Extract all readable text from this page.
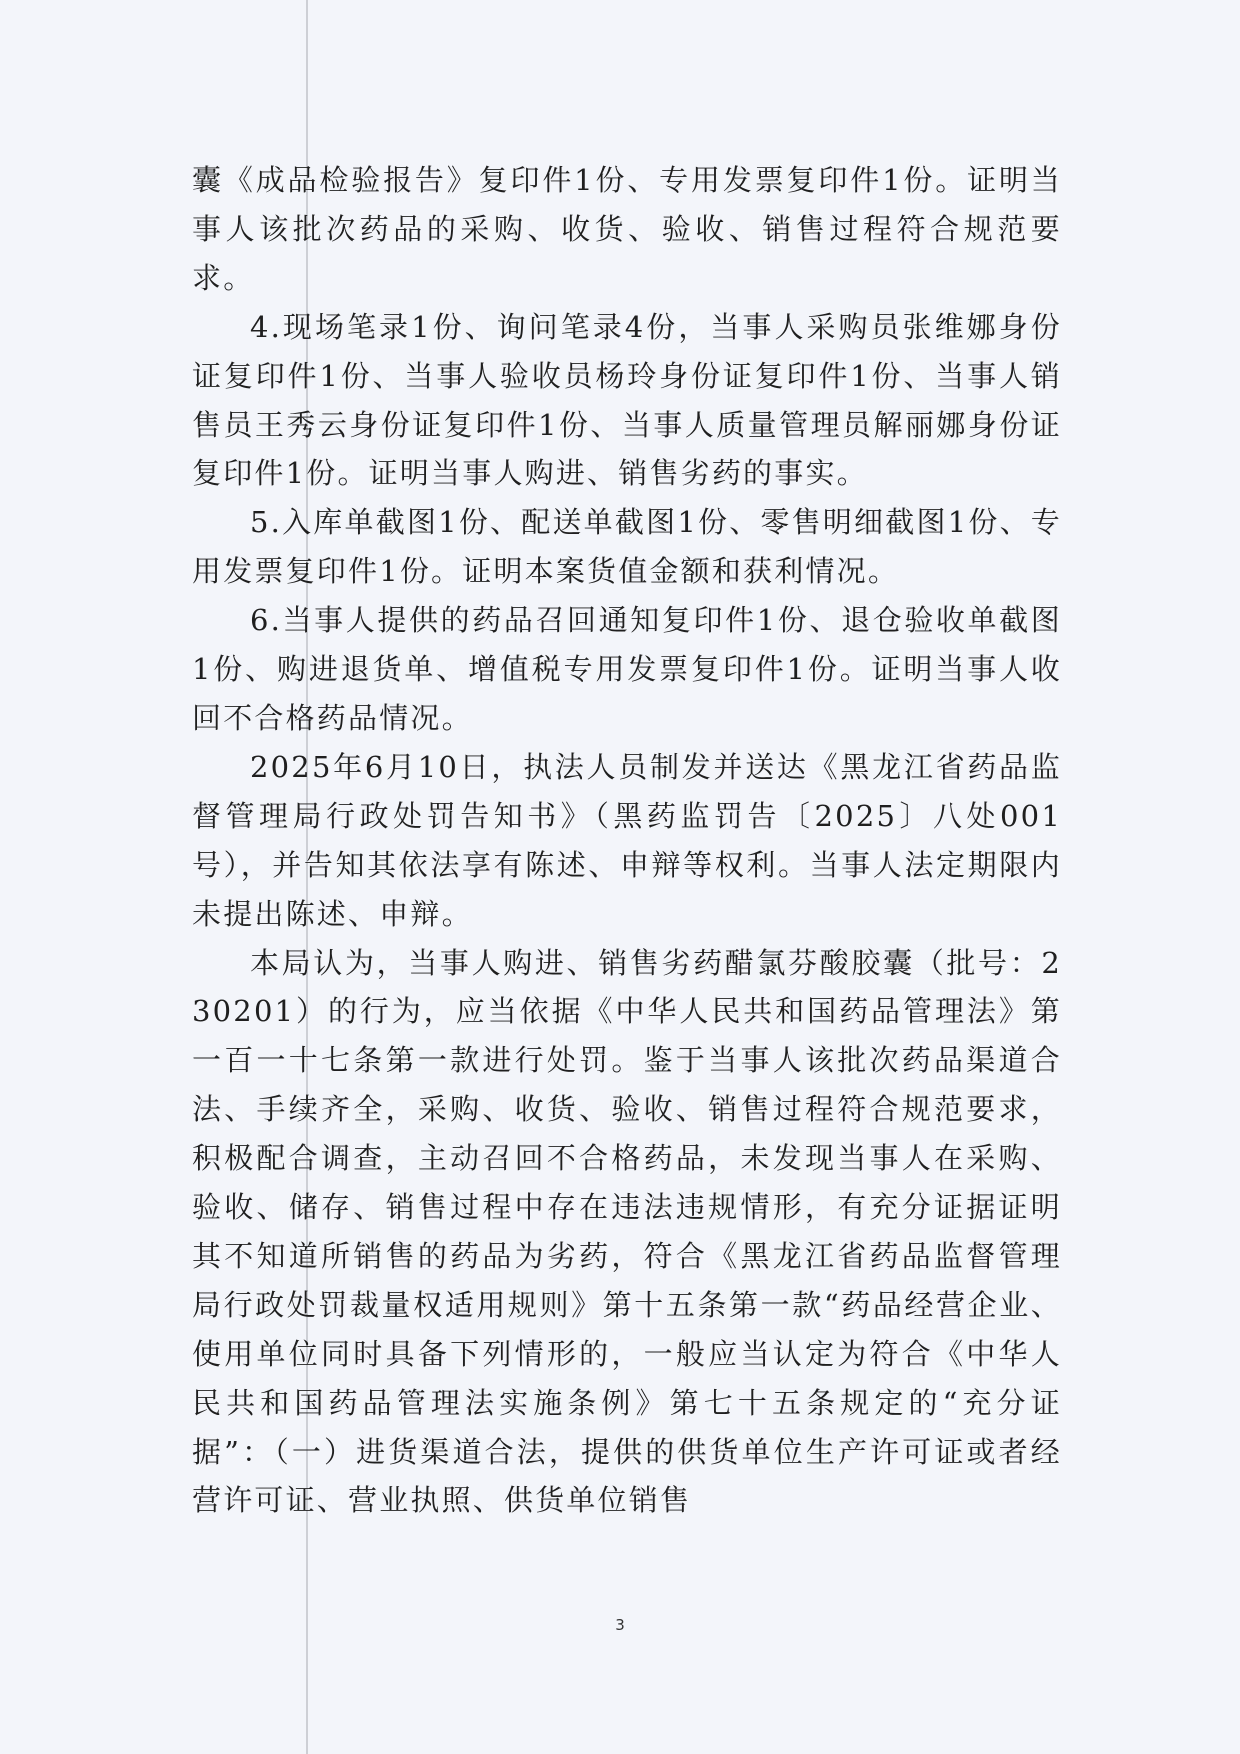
囊《成品检验报告》复印件1份、专用发票复印件1份。证明当事人该批次药品的采购、收货、验收、销售过程符合规范要求。

4.现场笔录1份、询问笔录4份，当事人采购员张维娜身份证复印件1份、当事人验收员杨玲身份证复印件1份、当事人销售员王秀云身份证复印件1份、当事人质量管理员解丽娜身份证复印件1份。证明当事人购进、销售劣药的事实。

5.入库单截图1份、配送单截图1份、零售明细截图1份、专用发票复印件1份。证明本案货值金额和获利情况。

6.当事人提供的药品召回通知复印件1份、退仓验收单截图1份、购进退货单、增值税专用发票复印件1份。证明当事人收回不合格药品情况。

2025年6月10日，执法人员制发并送达《黑龙江省药品监督管理局行政处罚告知书》（黑药监罚告〔2025〕八处001号），并告知其依法享有陈述、申辩等权利。当事人法定期限内未提出陈述、申辩。

本局认为，当事人购进、销售劣药醋氯芬酸胶囊（批号：230201）的行为，应当依据《中华人民共和国药品管理法》第一百一十七条第一款进行处罚。鉴于当事人该批次药品渠道合法、手续齐全，采购、收货、验收、销售过程符合规范要求，积极配合调查，主动召回不合格药品，未发现当事人在采购、验收、储存、销售过程中存在违法违规情形，有充分证据证明其不知道所销售的药品为劣药，符合《黑龙江省药品监督管理局行政处罚裁量权适用规则》第十五条第一款“药品经营企业、使用单位同时具备下列情形的，一般应当认定为符合《中华人民共和国药品管理法实施条例》第七十五条规定的“充分证据”：（一）进货渠道合法，提供的供货单位生产许可证或者经营许可证、营业执照、供货单位销售

3
